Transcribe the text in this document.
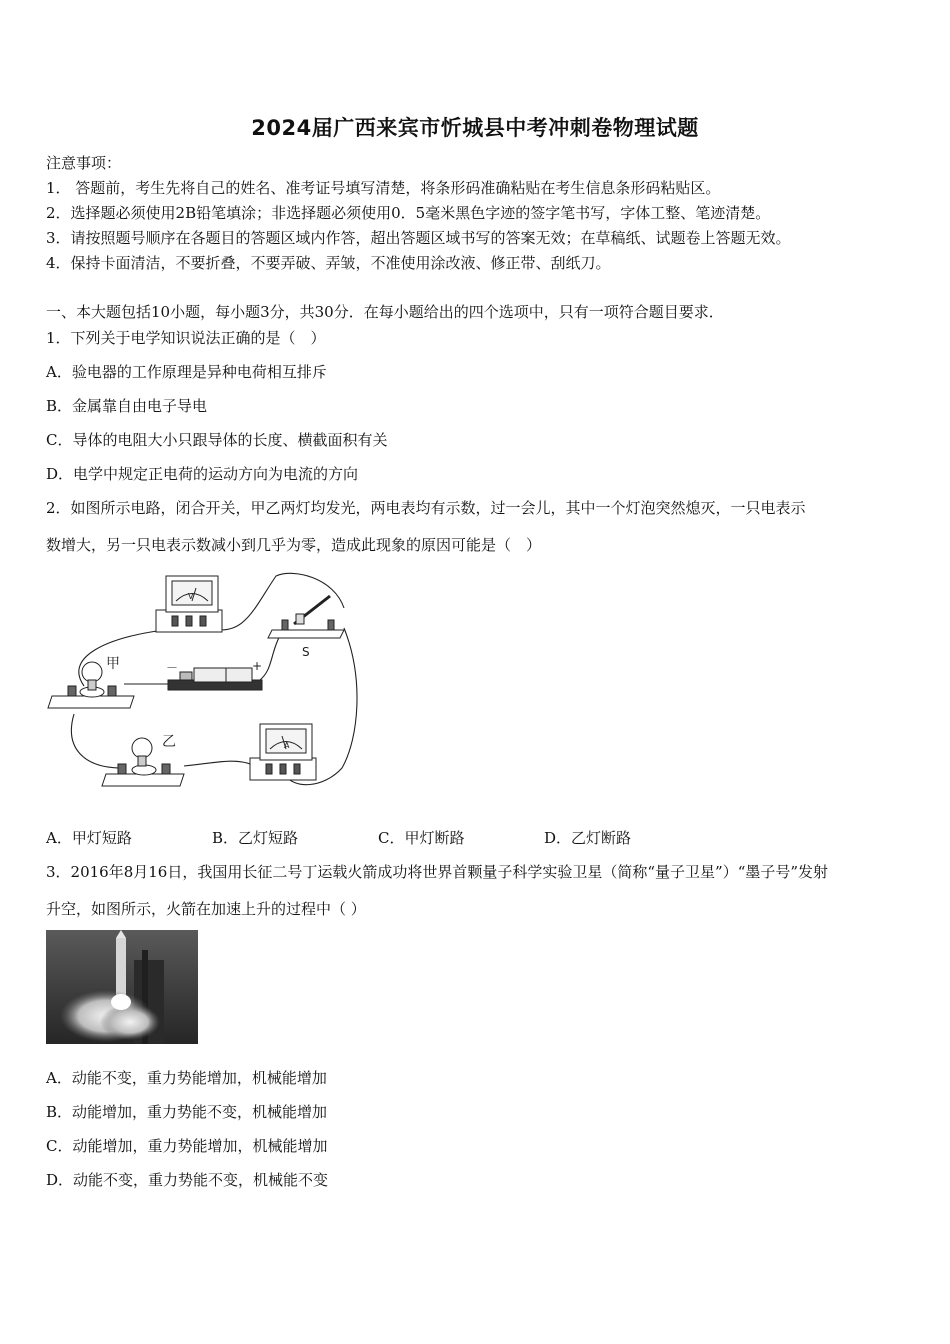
2024届广西来宾市忻城县中考冲刺卷物理试题
注意事项：
1． 答题前，考生先将自己的姓名、准考证号填写清楚，将条形码准确粘贴在考生信息条形码粘贴区。
2．选择题必须使用2B铅笔填涂；非选择题必须使用0．5毫米黑色字迹的签字笔书写，字体工整、笔迹清楚。
3．请按照题号顺序在各题目的答题区域内作答，超出答题区域书写的答案无效；在草稿纸、试题卷上答题无效。
4．保持卡面清洁，不要折叠，不要弄破、弄皱，不准使用涂改液、修正带、刮纸刀。
一、本大题包括10小题，每小题3分，共30分．在每小题给出的四个选项中，只有一项符合题目要求．
1．下列关于电学知识说法正确的是（　）
A．验电器的工作原理是异种电荷相互排斥
B．金属靠自由电子导电
C．导体的电阻大小只跟导体的长度、横截面积有关
D．电学中规定正电荷的运动方向为电流的方向
2．如图所示电路，闭合开关，甲乙两灯均发光，两电表均有示数，过一会儿，其中一个灯泡突然熄灭，一只电表示
数增大，另一只电表示数减小到几乎为零，造成此现象的原因可能是（　）
V
S
－	+
甲
乙	A
A．甲灯短路	B．乙灯短路	C．甲灯断路	D．乙灯断路
3．2016年8月16日，我国用长征二号丁运载火箭成功将世界首颗量子科学实验卫星（简称“量子卫星”）“墨子号”发射
升空，如图所示，火箭在加速上升的过程中（ ）
A．动能不变，重力势能增加，机械能增加
B．动能增加，重力势能不变，机械能增加
C．动能增加，重力势能增加，机械能增加
D．动能不变，重力势能不变，机械能不变
